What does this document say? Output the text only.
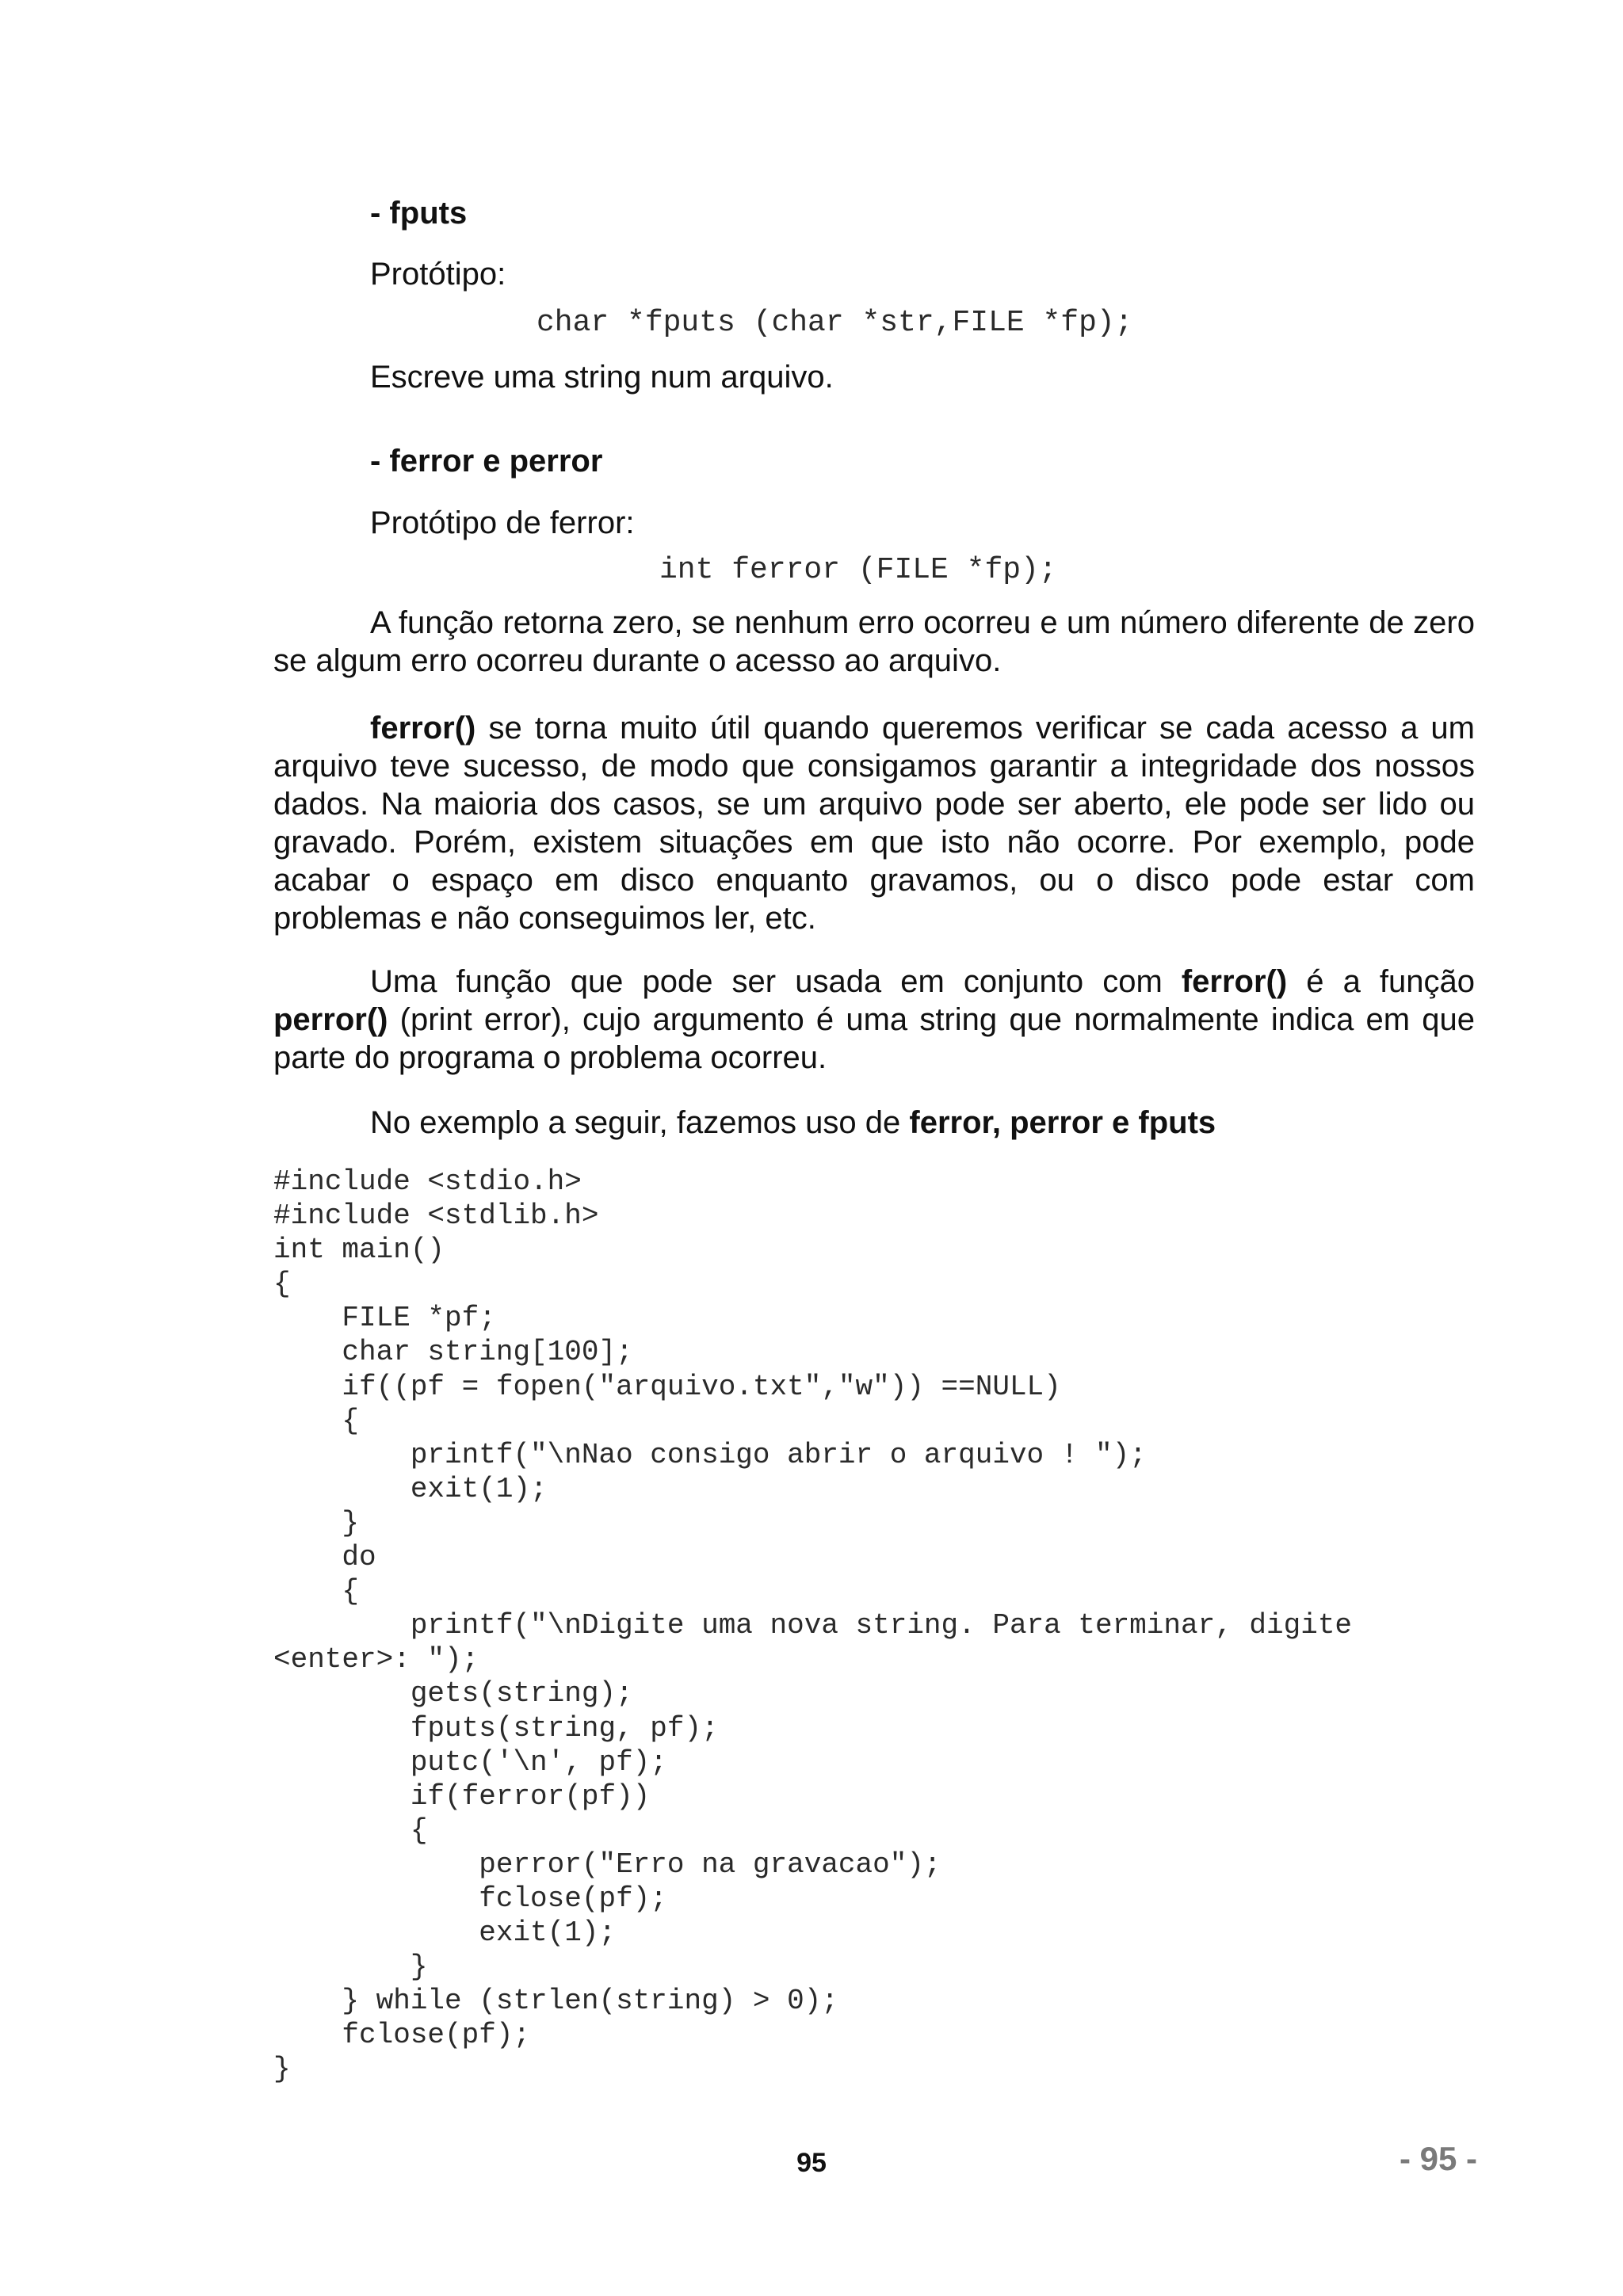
- fputs
Protótipo:
char *fputs (char *str,FILE *fp);
Escreve uma string num arquivo.
- ferror e perror
Protótipo de ferror:
int ferror (FILE *fp);

A função retorna zero, se nenhum erro ocorreu e um número diferente de zero se algum erro ocorreu durante o acesso ao arquivo.

ferror() se torna muito útil quando queremos verificar se cada acesso a um arquivo teve sucesso, de modo que consigamos garantir a integridade dos nossos dados. Na maioria dos casos, se um arquivo pode ser aberto, ele pode ser lido ou gravado. Porém, existem situações em que isto não ocorre. Por exemplo, pode acabar o espaço em disco enquanto gravamos, ou o disco pode estar com problemas e não conseguimos ler, etc.

Uma função que pode ser usada em conjunto com ferror() é a função perror() (print error), cujo argumento é uma string que normalmente indica em que parte do programa o problema ocorreu.

No exemplo a seguir, fazemos uso de ferror, perror e fputs
#include <stdio.h>
#include <stdlib.h>
int main()
{
FILE *pf;
char string[100];
if((pf = fopen("arquivo.txt","w")) ==NULL)
{
printf("\nNao consigo abrir o arquivo ! ");
exit(1);
}
do
{
printf("\nDigite uma nova string. Para terminar, digite
<enter>: ");
gets(string);
fputs(string, pf);
putc('\n', pf);
if(ferror(pf))
{
perror("Erro na gravacao");
fclose(pf);
exit(1);
}
} while (strlen(string) > 0);
fclose(pf);
}
95	- 95 -
